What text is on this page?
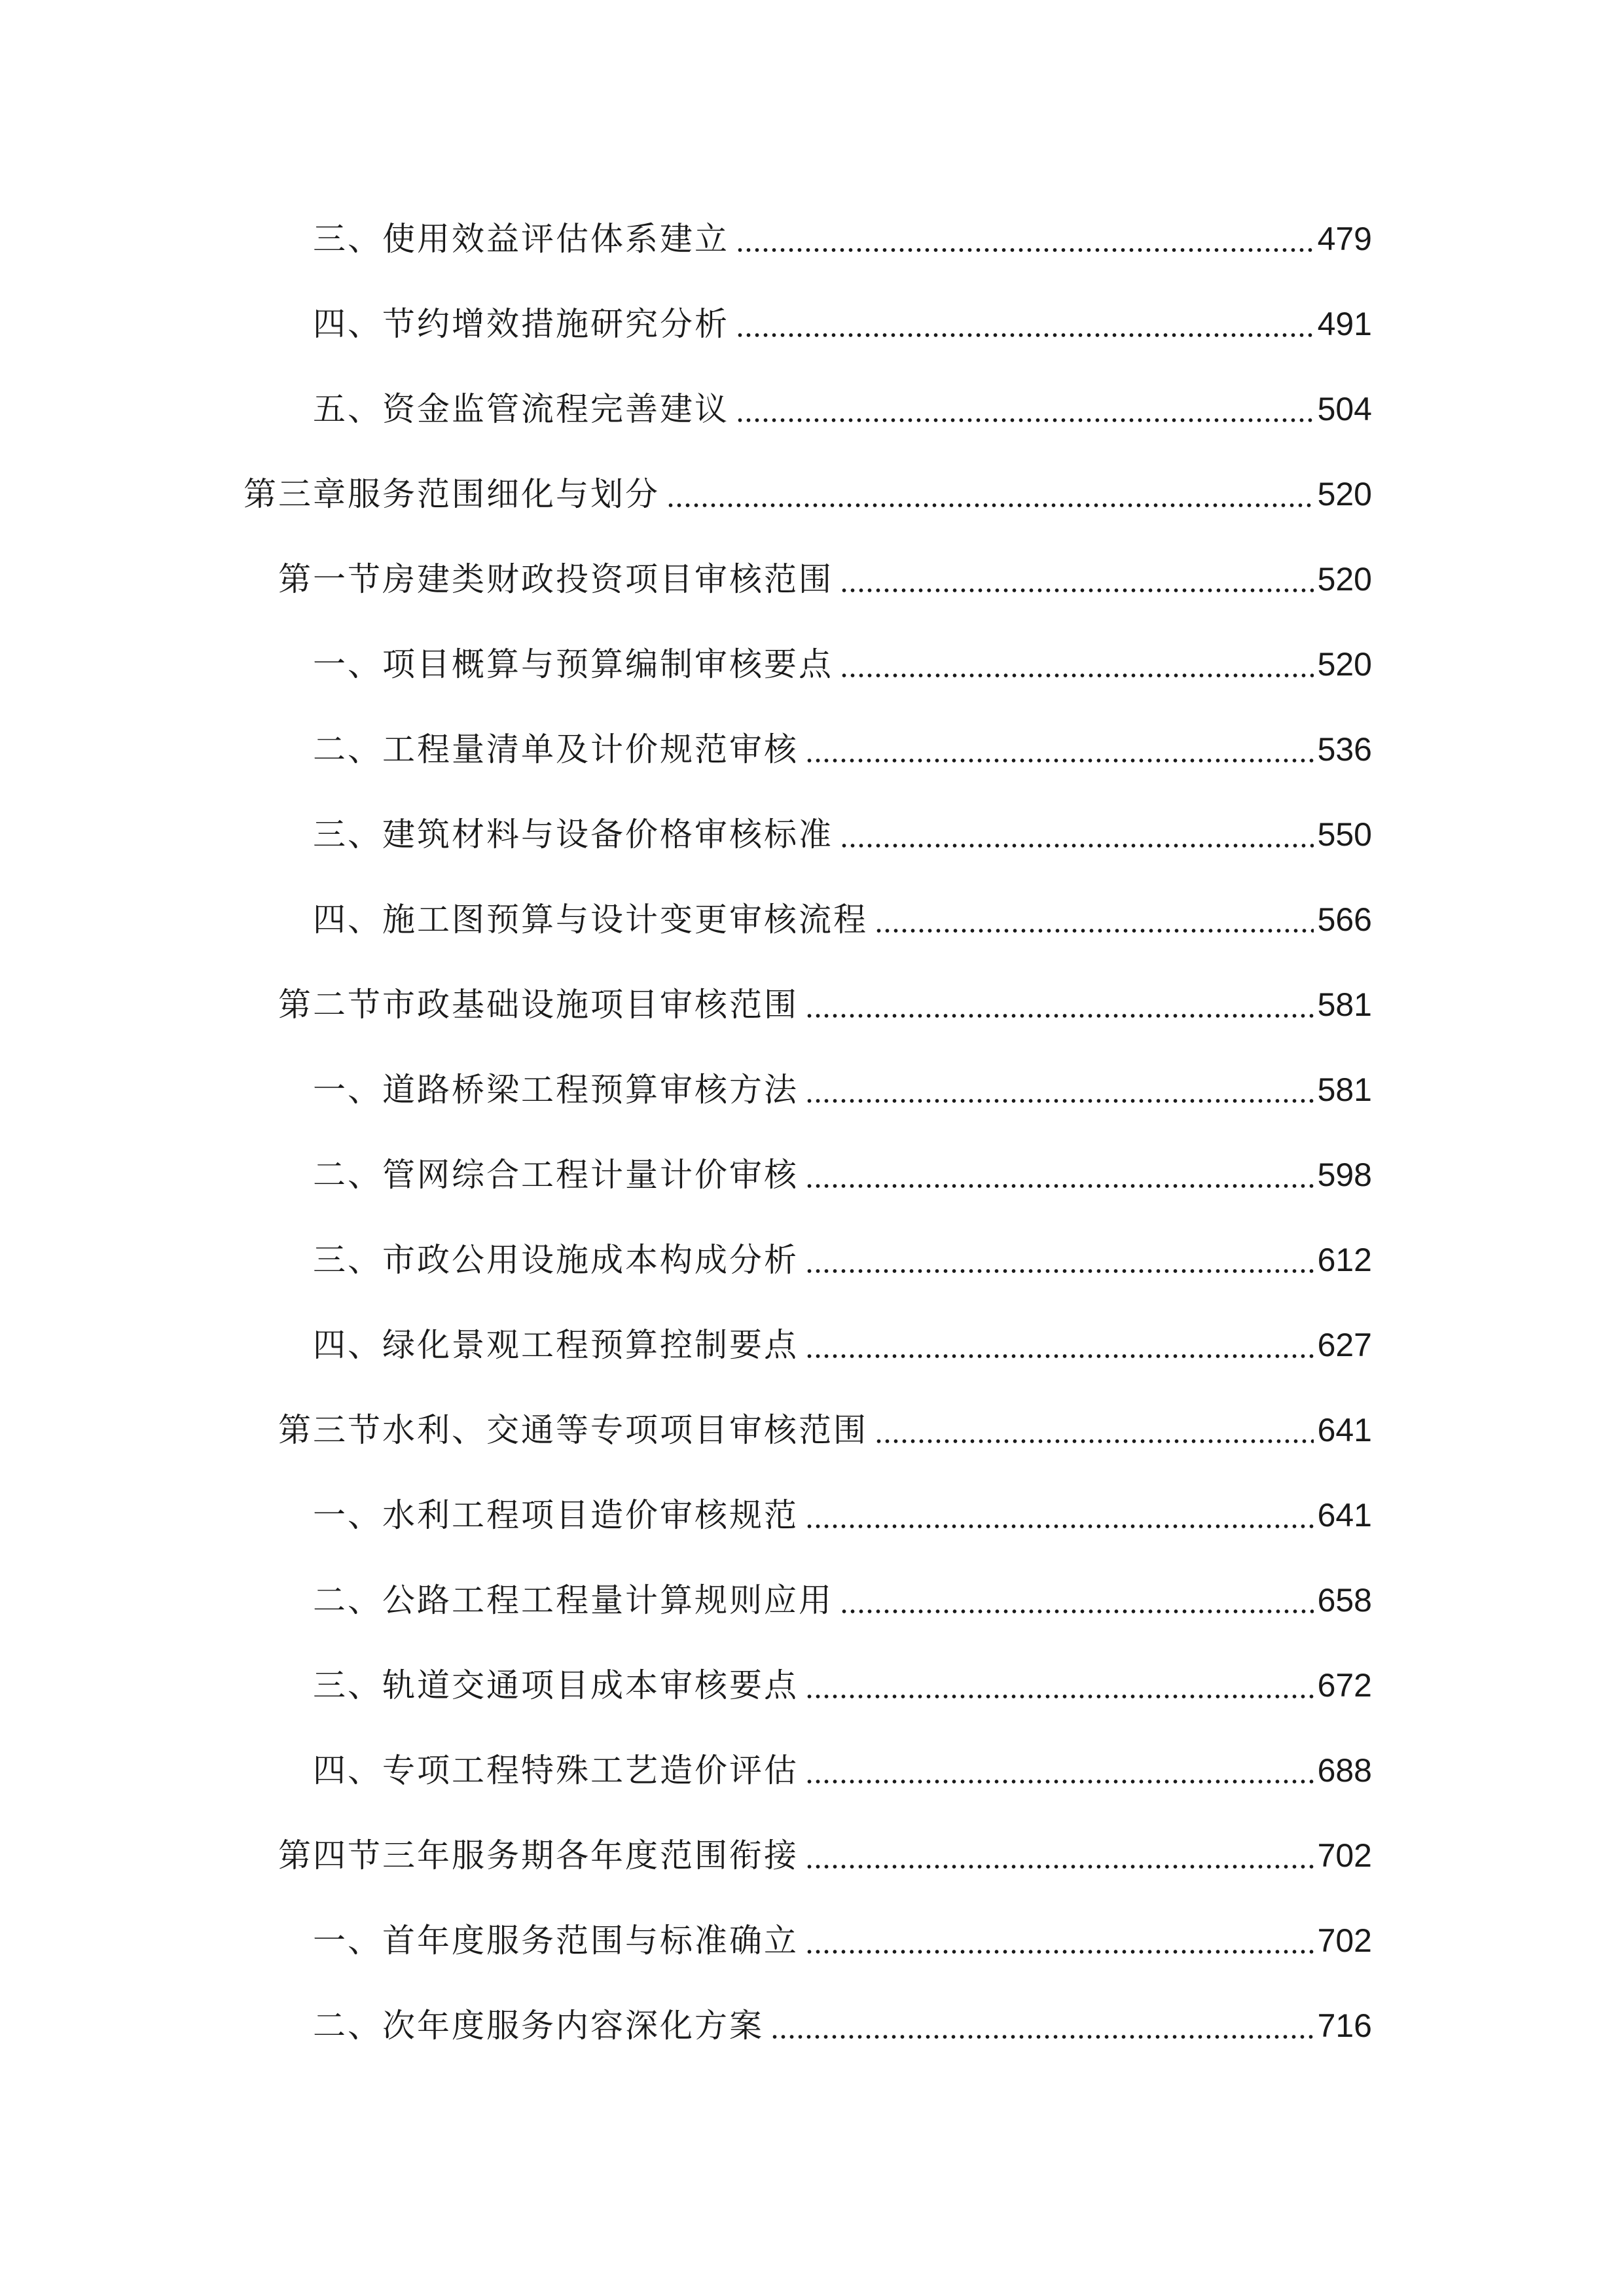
三、使用效益评估体系建立	479
四、节约增效措施研究分析	491
五、资金监管流程完善建议	504
第三章服务范围细化与划分	520
第一节房建类财政投资项目审核范围	520
一、项目概算与预算编制审核要点	520
二、工程量清单及计价规范审核	536
三、建筑材料与设备价格审核标准	550
四、施工图预算与设计变更审核流程	566
第二节市政基础设施项目审核范围	581
一、道路桥梁工程预算审核方法	581
二、管网综合工程计量计价审核	598
三、市政公用设施成本构成分析	612
四、绿化景观工程预算控制要点	627
第三节水利、交通等专项项目审核范围	641
一、水利工程项目造价审核规范	641
二、公路工程工程量计算规则应用	658
三、轨道交通项目成本审核要点	672
四、专项工程特殊工艺造价评估	688
第四节三年服务期各年度范围衔接	702
一、首年度服务范围与标准确立	702
二、次年度服务内容深化方案	716
